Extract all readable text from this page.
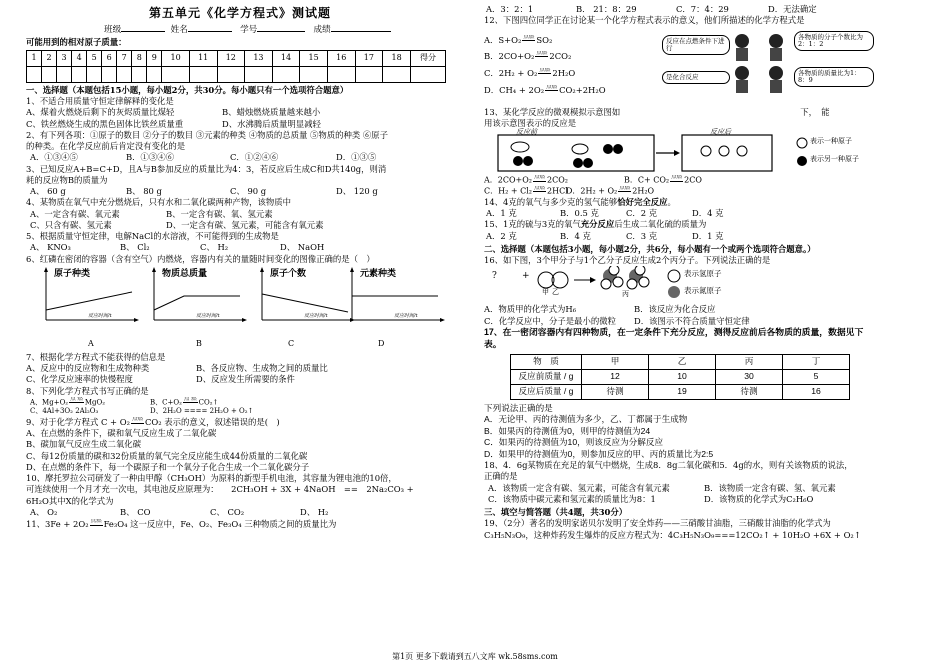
第五单元《化学方程式》测试题
班级	姓名	学号	成绩
可能用到的相对原子质量：
1	2	3	4	5	6	7	8	9	10	11	12	13	14	15	16	17	18	得分

一、选择题（本题包括15小题，每小题2分，共30分。每小题只有一个选项符合题意）
1、不适合用质量守恒定律解释的变化是
A、煤着火燃烧后剩下的灰烬质量比煤轻	B、蜡烛燃烧质量越来越小
C、铁丝燃烧生成的黑色固体比铁丝质量重	D、水沸腾后质量明显减轻
2、有下列各项：①原子的数目 ②分子的数目 ③元素的种类 ④物质的总质量 ⑤物质的种类 ⑥原子
的种类。在化学反应前后肯定没有变化的是
A．①③④⑤	B．①③④⑥	C．①②④⑥	D．①③⑤
3、已知反应A+B=C+D，且A与B参加反应的质量比为4：3，若反应后生成C和D共140g，则消
耗的反应物B的质量为
A、 60 g	B、 80 g	C、 90 g	D、 120 g
4、某物质在氧气中充分燃烧后，只有水和二氧化碳两种产物，该物质中
A、一定含有碳、氧元素	B、一定含有碳、氧、氢元素
C、只含有碳、氢元素	D、一定含有碳、氢元素，可能含有氧元素
5、根据质量守恒定律，电解NaCl的水溶液，不可能得到的生成物是
A、 KNO₃	B、 Cl₂	C、 H₂	D、 NaOH
6、红磷在密闭的容器（含有空气）内燃烧，容器内有关的量随时间变化的图像正确的是（　）
原子种类
反应时间/t
物质总质量
反应时间/t
原子个数
反应时间/t
元素种类
反应时间/t
A	B	C	D
7、根据化学方程式不能获得的信息是
A、反应中的反应物和生成物种类	B、各反应物、生成物之间的质量比
C、化学反应速率的快慢程度	D、反应发生所需要的条件
8、下列化学方程式书写正确的是
A、Mg+O₂ 点 燃 MgO₂	B、C+O₂ 点 燃 CO₂↑
C、4Al+3O₂ 2Al₂O₃	D、2H₂O ==== 2H₂O + O₂↑
9、对于化学方程式 C + O₂ 点燃 CO₂ 表示的意义，叙述错误的是(　)
A、在点燃的条件下，碳和氧气反应生成了二氧化碳
B、碳加氧气反应生成二氧化碳
C、每12份质量的碳和32份质量的氧气完全反应能生成44份质量的二氧化碳
D、在点燃的条件下，每一个碳原子和一个氧分子化合生成一个二氧化碳分子
10、摩托罗拉公司研发了一种由甲醇（CH₃OH）为原料的新型手机电池，其容量为锂电池的10倍，
可连续使用一个月才充一次电，其电池反应原理为：　　2CH₃OH + 3X + 4NaOH　==　2Na₂CO₃ +
6H₂O其中X的化学式为
A、 O₂	B、 CO	C、 CO₂	D、 H₂
11、3Fe + 2O₂ 点燃 Fe₃O₄ 这一反应中，Fe、O₂、Fe₃O₄ 三种物质之间的质量比为
A．3：2：1	B． 21：8：29	C．7：4：29	D．无法确定
12、下图四位同学正在讨论某一个化学方程式表示的意义，他们所描述的化学方程式是
A．S+O₂ 点燃 SO₂
B．2CO+O₂ 点燃 2CO₂
C．2H₂ + O₂ 点燃 2H₂O
D．CH₄ + 2O₂ 点燃 CO₂+2H₂O
反应在点燃条件下进行
各物质的分子个数比为2：1：2
是化合反应	各物质的质量比为1：8：9
13、某化学反应的微观模拟示意图如	下，　能
用该示意图表示的反应是
反应前	反应后
表示一种原子
表示另一种原子
A．2CO+O₂ 点燃 2CO₂	B．C+ CO₂ 点燃 2CO
C．H₂ + Cl₂ 点燃 2HClD．2H₂ + O₂ 点燃 2H₂O
14、4克的氧气与多少克的氢气能够恰好完全反应。
A．1 克	B．0.5 克	C．2 克	D．4 克
15、1克的硫与3克的氧气充分反应后生成二氧化硫的质量为
A．2 克	B．4 克	C．3 克	D．1 克
二、选择题（本题包括3小题，每小题2分，共6分，每小题有一个或两个选项符合题意。）
16、如下图，3个甲分子与1个乙分子反应生成2个丙分子。下列说法正确的是
?	+
甲 乙	丙
表示氢原子
表示氮原子
A．物质甲的化学式为H₆	B．该反应为化合反应
C．化学反应中，分子是最小的微粒 D．该图示不符合质量守恒定律
17、在一密闭容器内有四种物质，在一定条件下充分反应，测得反应前后各物质的质量，数据见下
表。
物　质	甲	乙	丙	丁
反应前质量 / g	12	10	30	5
反应后质量 / g	待测	19	待测	16
下列说法正确的是
A．无论甲、丙的待测值为多少，乙、丁都属于生成物
B．如果丙的待测值为0，则甲的待测值为24
C．如果丙的待测值为10，则该反应为分解反应
D．如果甲的待测值为0，则参加反应的甲、丙的质量比为2:5
18、4．6g某物质在充足的氧气中燃烧，生成8．8g二氧化碳和5．4g的水，则有关该物质的说法，
正确的是
A．该物质一定含有碳、氢元素，可能含有氧元素	B．该物质一定含有碳、氢、氧元素
C．该物质中碳元素和氢元素的质量比为8：1	D．该物质的化学式为C₂H₆O
三、填空与简答题（共4题，共30分）
19、（2分）著名的发明家诺贝尔发明了安全炸药——三硝酸甘油脂，三硝酸甘油脂的化学式为
C₃H₅N₃O₉，这种炸药发生爆炸的反应方程式为：4C₃H₅N₃O₉===12CO₂↑ + 10H₂O +6X + O₂↑
第1页 更多下载请到五八文库 wk.58sms.com
